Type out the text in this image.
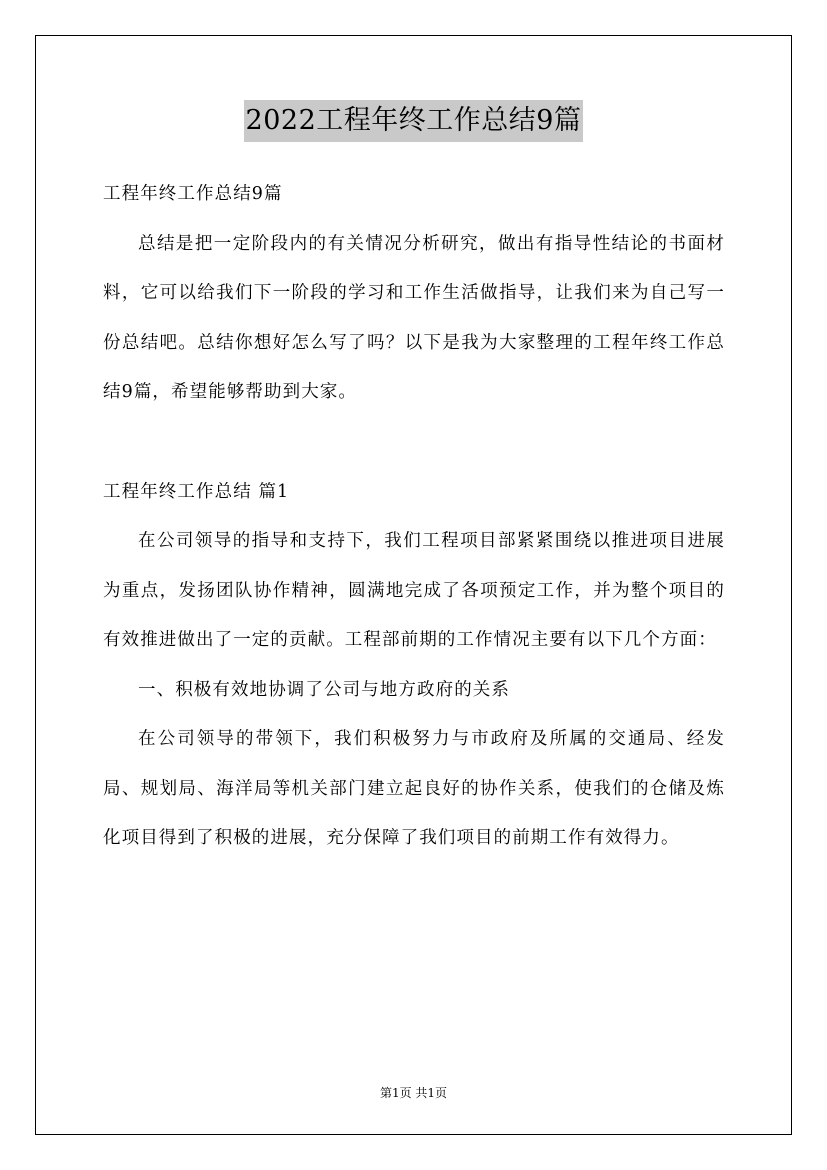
2022工程年终工作总结9篇

工程年终工作总结9篇

总结是把一定阶段内的有关情况分析研究，做出有指导性结论的书面材料，它可以给我们下一阶段的学习和工作生活做指导，让我们来为自己写一份总结吧。总结你想好怎么写了吗？以下是我为大家整理的工程年终工作总结9篇，希望能够帮助到大家。

工程年终工作总结 篇1

在公司领导的指导和支持下，我们工程项目部紧紧围绕以推进项目进展为重点，发扬团队协作精神，圆满地完成了各项预定工作，并为整个项目的有效推进做出了一定的贡献。工程部前期的工作情况主要有以下几个方面：

一、积极有效地协调了公司与地方政府的关系

在公司领导的带领下，我们积极努力与市政府及所属的交通局、经发局、规划局、海洋局等机关部门建立起良好的协作关系，使我们的仓储及炼化项目得到了积极的进展，充分保障了我们项目的前期工作有效得力。

第1页 共1页
